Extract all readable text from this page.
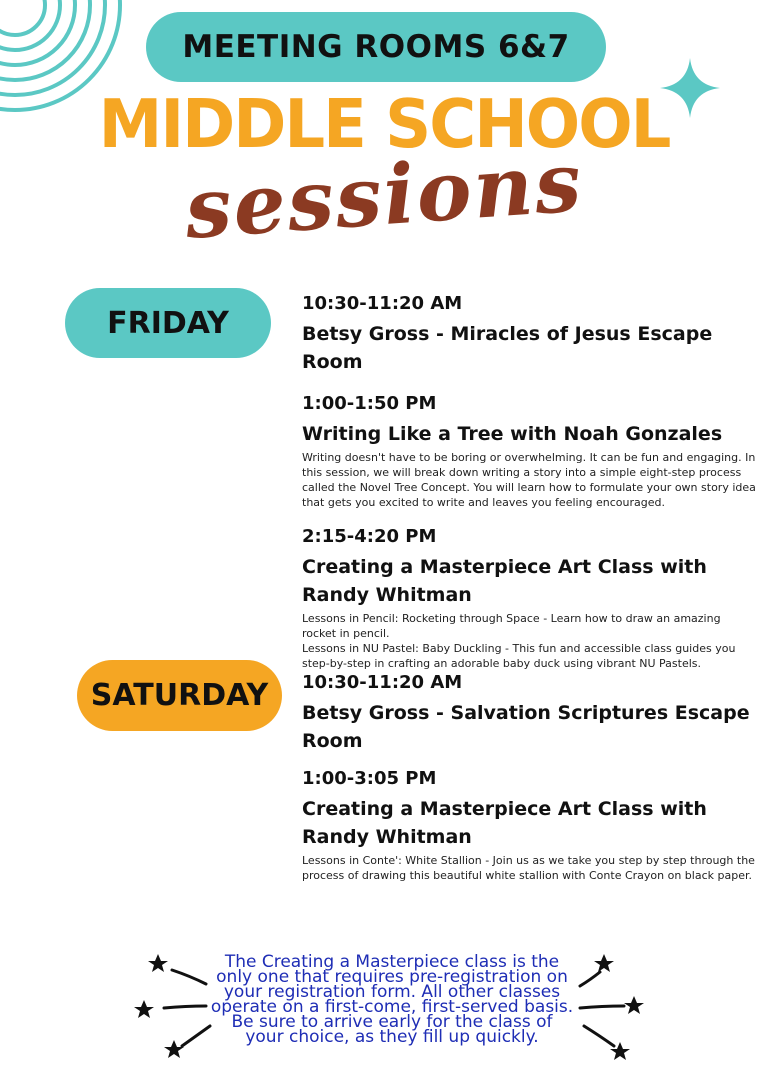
MEETING ROOMS 6&7
MIDDLE SCHOOL
sessions
FRIDAY
10:30-11:20 AM
Betsy Gross - Miracles of Jesus Escape Room
1:00-1:50 PM
Writing Like a Tree with Noah Gonzales
Writing doesn't have to be boring or overwhelming. It can be fun and engaging. In this session, we will break down writing a story into a simple eight-step process called the Novel Tree Concept. You will learn how to formulate your own story idea that gets you excited to write and leaves you feeling encouraged.
2:15-4:20 PM
Creating a Masterpiece Art Class with Randy Whitman
Lessons in Pencil: Rocketing through Space - Learn how to draw an amazing rocket in pencil.
Lessons in NU Pastel: Baby Duckling - This fun and accessible class guides you step-by-step in crafting an adorable baby duck using vibrant NU Pastels.
SATURDAY	10:30-11:20 AM
Betsy Gross - Salvation Scriptures Escape Room
1:00-3:05 PM
Creating a Masterpiece Art Class with Randy Whitman
Lessons in Conte': White Stallion - Join us as we take you step by step through the process of drawing this beautiful white stallion with Conte Crayon on black paper.
The Creating a Masterpiece class is the only one that requires pre-registration on your registration form. All other classes operate on a first-come, first-served basis. Be sure to arrive early for the class of your choice, as they fill up quickly.
